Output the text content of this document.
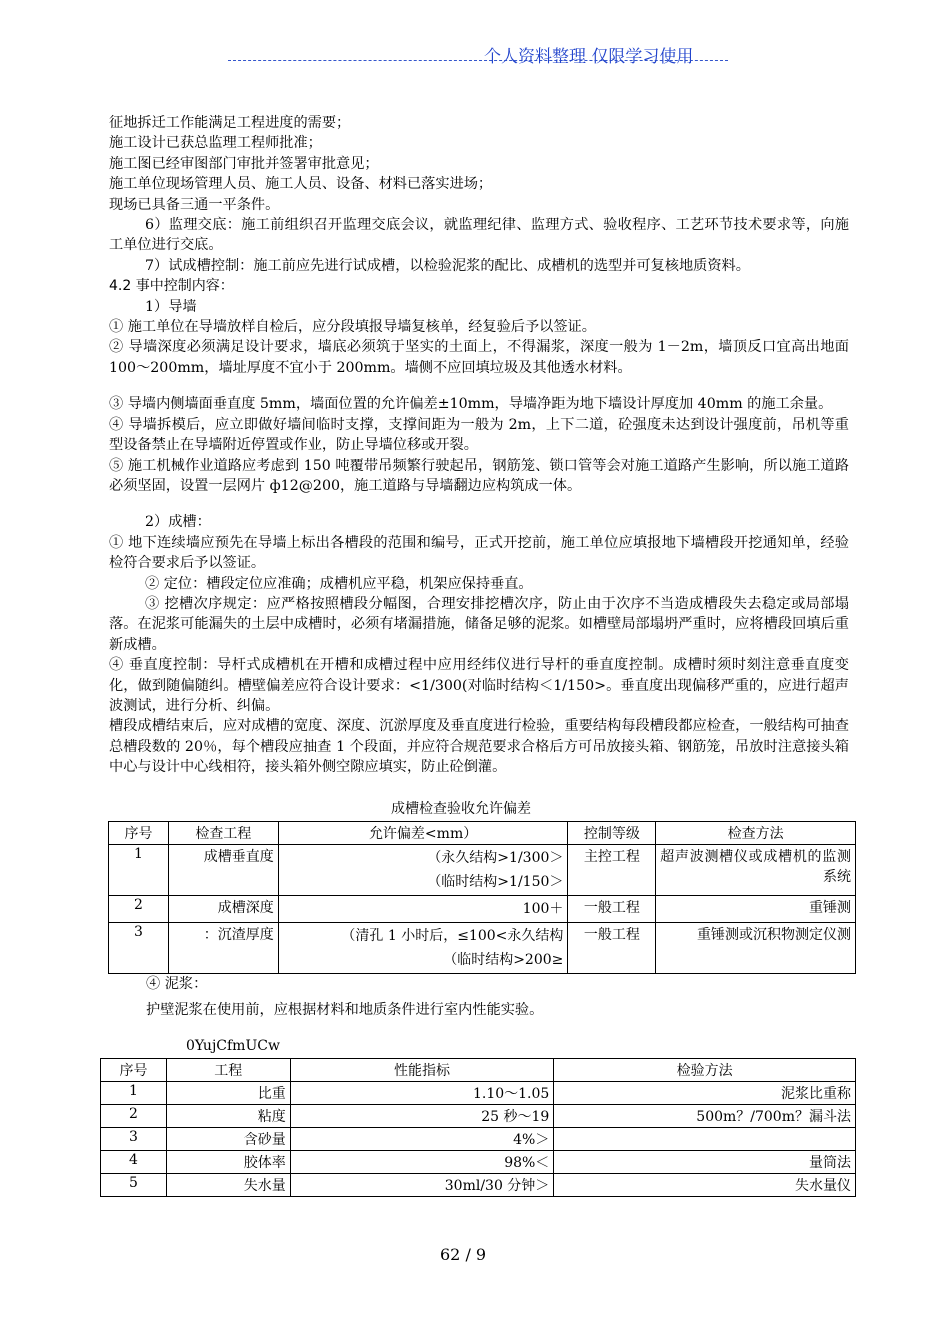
个人资料整理 仅限学习使用

征地拆迁工作能满足工程进度的需要；

施工设计已获总监理工程师批准；

施工图已经审图部门审批并签署审批意见；

施工单位现场管理人员、施工人员、设备、材料已落实进场；

现场已具备三通一平条件。

6）监理交底：施工前组织召开监理交底会议，就监理纪律、监理方式、验收程序、工艺环节技术要求等，向施工单位进行交底。

7）试成槽控制：施工前应先进行试成槽，以检验泥浆的配比、成槽机的选型并可复核地质资料。

4.2 事中控制内容：

1）导墙

① 施工单位在导墙放样自检后，应分段填报导墙复核单，经复验后予以签证。

② 导墙深度必须满足设计要求，墙底必须筑于坚实的土面上，不得漏浆，深度一般为 1－2m，墙顶反口宜高出地面 100～200mm，墙址厚度不宜小于 200mm。墙侧不应回填垃圾及其他透水材料。

③ 导墙内侧墙面垂直度 5mm，墙面位置的允许偏差±10mm，导墙净距为地下墙设计厚度加 40mm 的施工余量。

④ 导墙拆模后，应立即做好墙间临时支撑，支撑间距为一般为 2m，上下二道，砼强度未达到设计强度前，吊机等重型设备禁止在导墙附近停置或作业，防止导墙位移或开裂。

⑤ 施工机械作业道路应考虑到 150 吨覆带吊频繁行驶起吊，钢筋笼、锁口管等会对施工道路产生影响，所以施工道路必须坚固，设置一层网片 ф12@200，施工道路与导墙翻边应构筑成一体。

2）成槽：

① 地下连续墙应预先在导墙上标出各槽段的范围和编号，正式开挖前，施工单位应填报地下墙槽段开挖通知单，经验检符合要求后予以签证。

② 定位：槽段定位应准确；成槽机应平稳，机架应保持垂直。

③ 挖槽次序规定：应严格按照槽段分幅图，合理安排挖槽次序，防止由于次序不当造成槽段失去稳定或局部塌落。在泥浆可能漏失的土层中成槽时，必须有堵漏措施，储备足够的泥浆。如槽壁局部塌坍严重时，应将槽段回填后重新成槽。

④ 垂直度控制：导杆式成槽机在开槽和成槽过程中应用经纬仪进行导杆的垂直度控制。成槽时须时刻注意垂直度变化，做到随偏随纠。槽壁偏差应符合设计要求：<1/300(对临时结构＜1/150>。垂直度出现偏移严重的，应进行超声波测试，进行分析、纠偏。

槽段成槽结束后，应对成槽的宽度、深度、沉淤厚度及垂直度进行检验，重要结构每段槽段都应检查，一般结构可抽查总槽段数的 20％，每个槽段应抽查 1 个段面，并应符合规范要求合格后方可吊放接头箱、钢筋笼，吊放时注意接头箱中心与设计中心线相符，接头箱外侧空隙应填实，防止砼倒灌。

成槽检查验收允许偏差
序号	检查工程	允许偏差<mm）	控制等级	检查方法
1	成槽垂直度	（永久结构>1/300＞
（临时结构>1/150＞	主控工程	超声波测槽仪或成槽机的监测系统
2	成槽深度	100＋	一般工程	重锤测
3	：沉渣厚度	（清孔 1 小时后，≤100<永久结构
（临时结构>200≥	一般工程	重锤测或沉积物测定仪测
④ 泥浆：
护壁泥浆在使用前，应根据材料和地质条件进行室内性能实验。
0YujCfmUCw
序号	工程	性能指标	检验方法
1	比重	1.10～1.05	泥浆比重称
2	粘度	25 秒～19	500m？/700m？漏斗法
3	含砂量	4%＞	
4	胶体率	98%＜	量筒法
5	失水量	30ml/30 分钟＞	失水量仪
62 / 9
